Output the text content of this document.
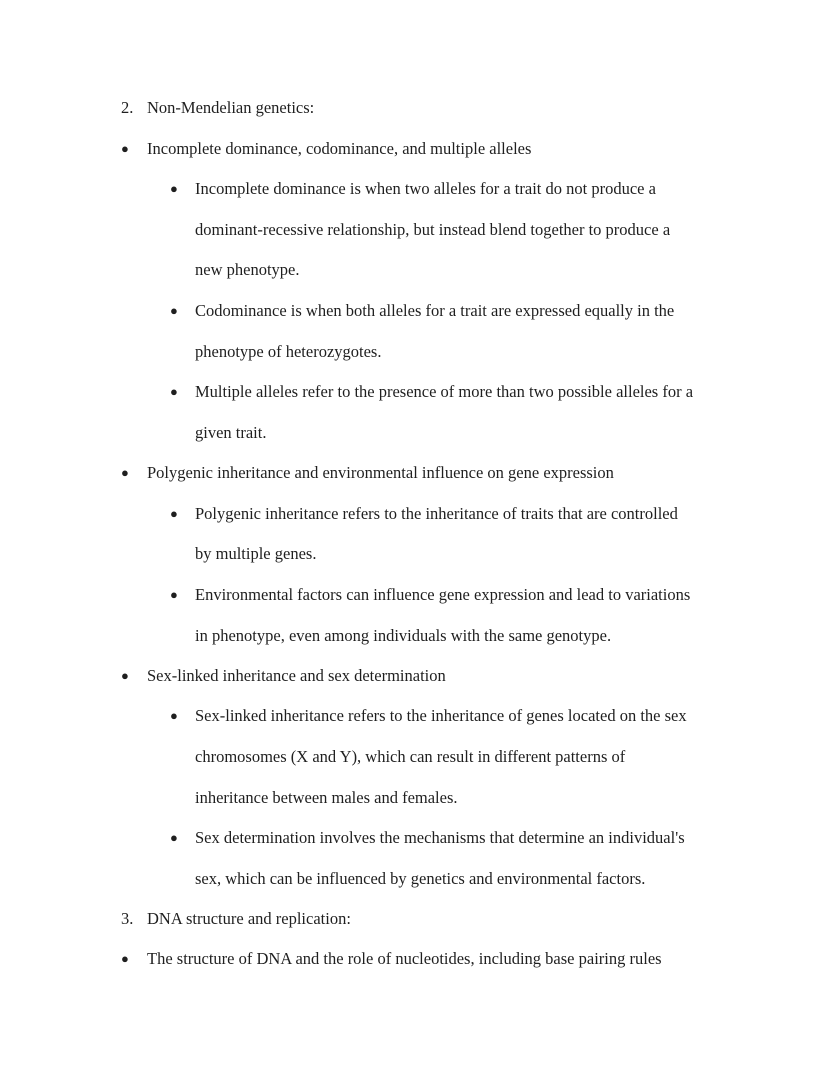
2. Non-Mendelian genetics:
● Incomplete dominance, codominance, and multiple alleles
● Incomplete dominance is when two alleles for a trait do not produce a
dominant-recessive relationship, but instead blend together to produce a
new phenotype.
● Codominance is when both alleles for a trait are expressed equally in the
phenotype of heterozygotes.
● Multiple alleles refer to the presence of more than two possible alleles for a
given trait.
● Polygenic inheritance and environmental influence on gene expression
● Polygenic inheritance refers to the inheritance of traits that are controlled
by multiple genes.
● Environmental factors can influence gene expression and lead to variations
in phenotype, even among individuals with the same genotype.
● Sex-linked inheritance and sex determination
● Sex-linked inheritance refers to the inheritance of genes located on the sex
chromosomes (X and Y), which can result in different patterns of
inheritance between males and females.
● Sex determination involves the mechanisms that determine an individual's
sex, which can be influenced by genetics and environmental factors.
3. DNA structure and replication:
● The structure of DNA and the role of nucleotides, including base pairing rules
